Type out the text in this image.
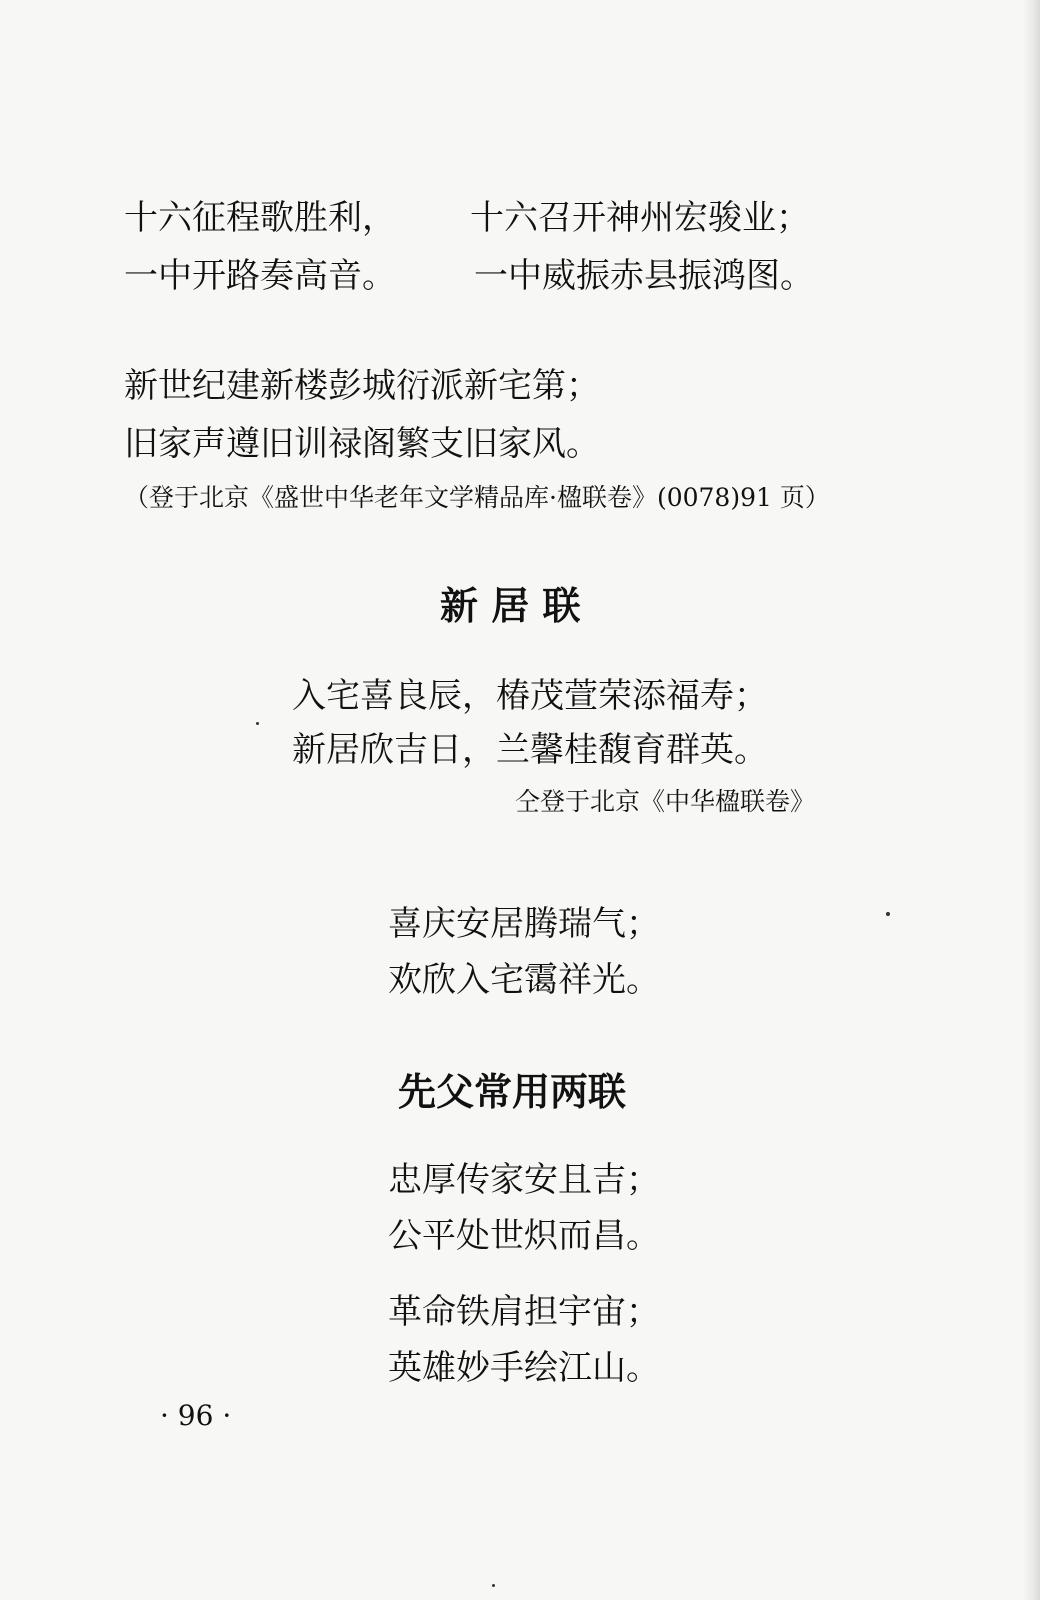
十六征程歌胜利， 十六召开神州宏骏业；
一中开路奏高音。 一中威振赤县振鸿图。
新世纪建新楼彭城衍派新宅第；
旧家声遵旧训禄阁繁支旧家风。
（登于北京《盛世中华老年文学精品库·楹联卷》(0078)91 页）
新 居 联
入宅喜良辰，椿茂萱荣添福寿；
新居欣吉日，兰馨桂馥育群英。
仝登于北京《中华楹联卷》
喜庆安居腾瑞气；
欢欣入宅霭祥光。
先父常用两联
忠厚传家安且吉；
公平处世炽而昌。
革命铁肩担宇宙；
英雄妙手绘江山。
· 96 ·
